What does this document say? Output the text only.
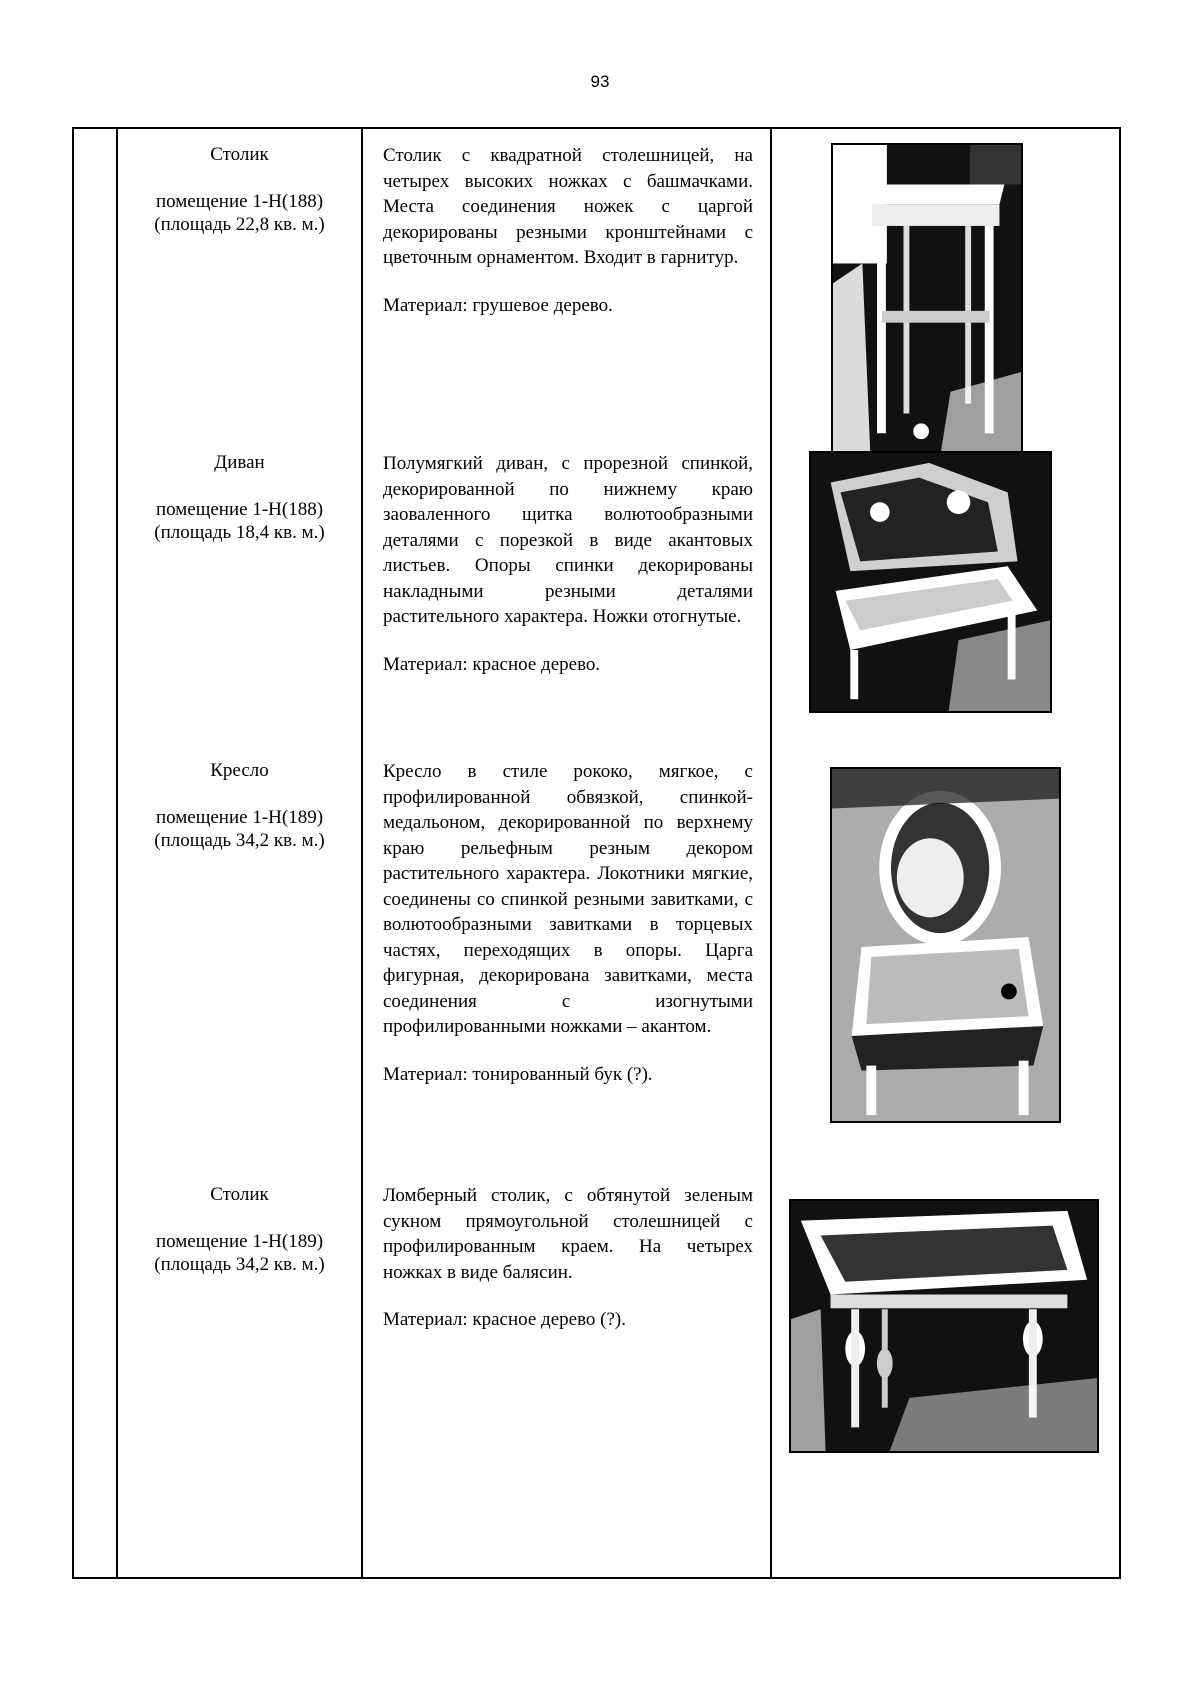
93
Столик
помещение 1-Н(188)
(площадь 22,8 кв. м.)

Столик с квадратной столешницей, на четырех высоких ножках с башмачками. Места соединения ножек с царгой декорированы резными кронштейнами с цветочным орнаментом. Входит в гарнитур.

Материал: грушевое дерево.

Диван
помещение 1-Н(188)
(площадь 18,4 кв. м.)

Полумягкий диван, с прорезной спинкой, декорированной по нижнему краю заоваленного щитка волютообразными деталями с порезкой в виде акантовых листьев. Опоры спинки декорированы накладными резными деталями растительного характера. Ножки отогнутые.

Материал: красное дерево.

Кресло
помещение 1-Н(189)
(площадь 34,2 кв. м.)

Кресло в стиле рококо, мягкое, с профилированной обвязкой, спинкой-медальоном, декорированной по верхнему краю рельефным резным декором растительного характера. Локотники мягкие, соединены со спинкой резными завитками, с волютообразными завитками в торцевых частях, переходящих в опоры. Царга фигурная, декорирована завитками, места соединения с изогнутыми профилированными ножками – акантом.

Материал: тонированный бук (?).

Столик
помещение 1-Н(189)
(площадь 34,2 кв. м.)

Ломберный столик, с обтянутой зеленым сукном прямоугольной столешницей с профилированным краем. На четырех ножках в виде балясин.

Материал: красное дерево (?).
